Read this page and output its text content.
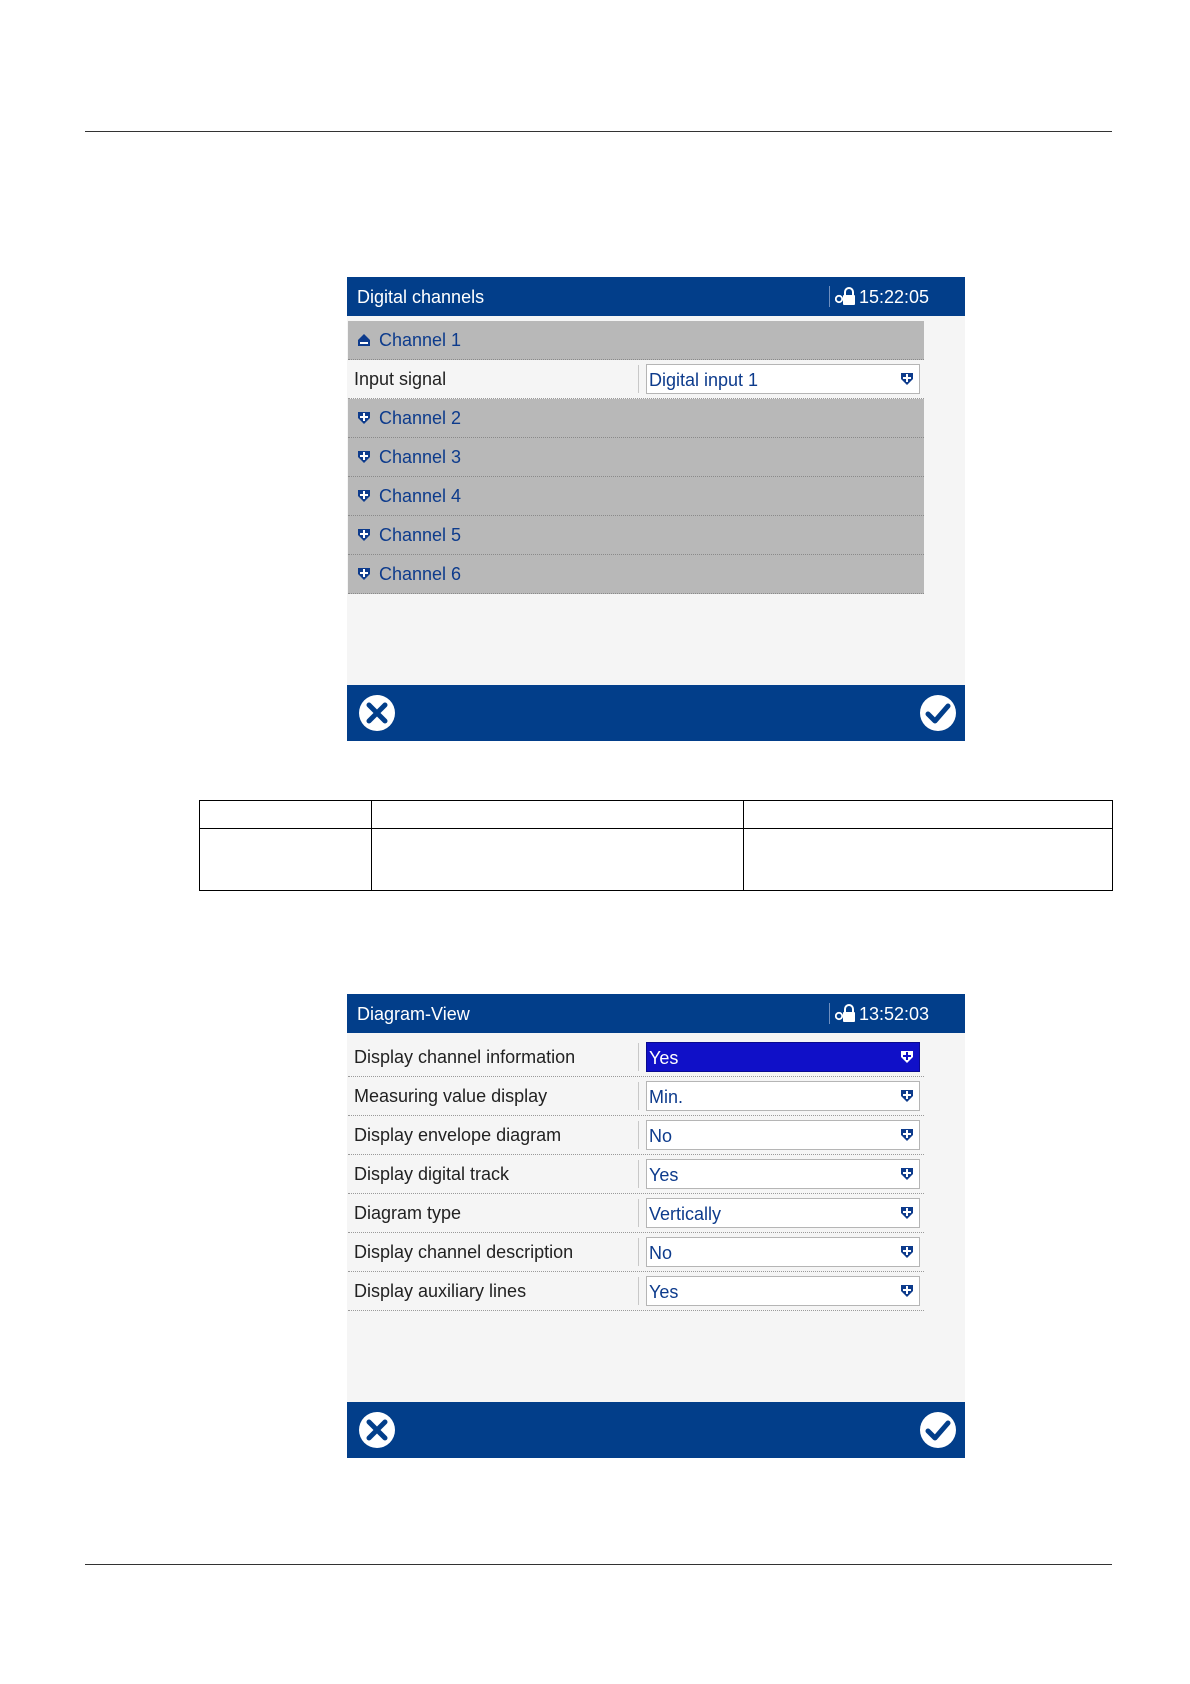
Digital channels	15:22:05
Channel 1
Input signal	Digital input 1
Channel 2
Channel 3
Channel 4
Channel 5
Channel 6

Diagram-View	13:52:03
Display channel information	Yes
Measuring value display	Min.
Display envelope diagram	No
Display digital track	Yes
Diagram type	Vertically
Display channel description	No
Display auxiliary lines	Yes
